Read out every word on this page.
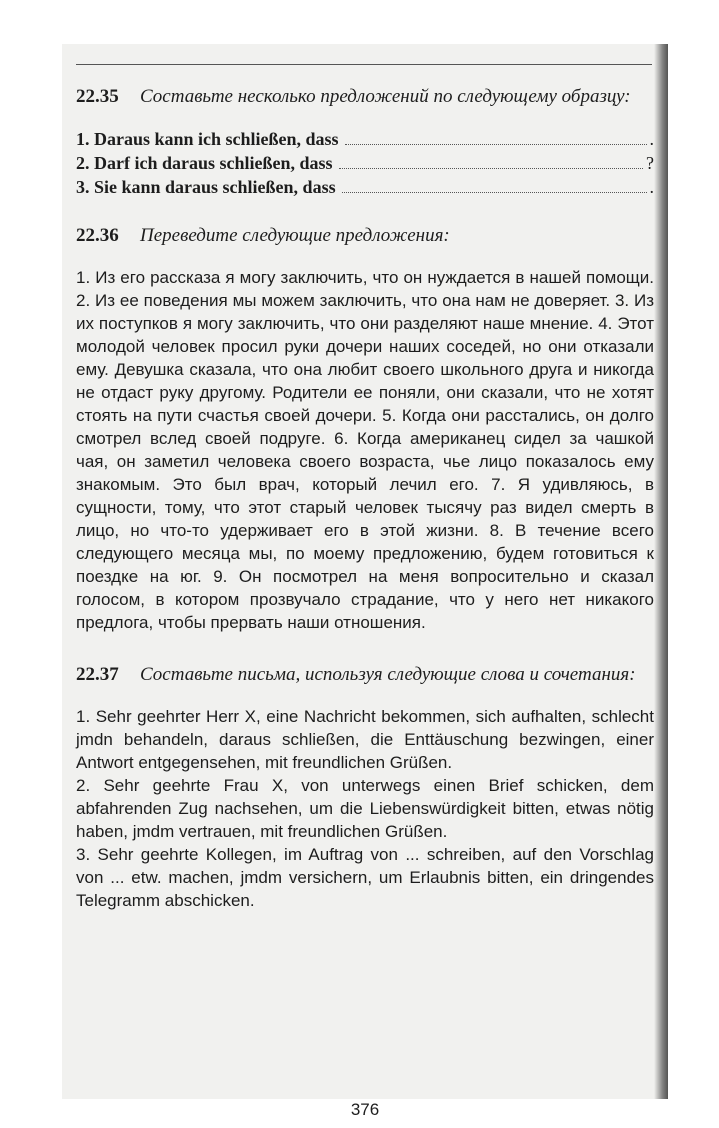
22.35 Составьте несколько предложений по следующему образцу:

1. Daraus kann ich schließen, dass	.
2. Darf ich daraus schließen, dass	?
3. Sie kann daraus schließen, dass	.

22.36 Переведите следующие предложения:

1. Из его рассказа я могу заключить, что он нуждается в нашей помощи. 2. Из ее поведения мы можем заключить, что она нам не доверяет. 3. Из их поступков я могу заключить, что они разделяют наше мнение. 4. Этот молодой человек просил руки дочери наших соседей, но они отказали ему. Девушка сказала, что она любит своего школьного друга и никогда не отдаст руку другому. Родители ее поняли, они сказали, что не хотят стоять на пути счастья своей дочери. 5. Когда они расстались, он долго смотрел вслед своей подруге. 6. Когда американец сидел за чашкой чая, он заметил человека своего возраста, чье лицо показалось ему знакомым. Это был врач, который лечил его. 7. Я удивляюсь, в сущности, тому, что этот старый человек тысячу раз видел смерть в лицо, но что-то удерживает его в этой жизни. 8. В течение всего следующего месяца мы, по моему предложению, будем готовиться к поездке на юг. 9. Он посмотрел на меня вопросительно и сказал голосом, в котором прозвучало страдание, что у него нет никакого предлога, чтобы прервать наши отношения.

22.37 Составьте письма, используя следующие слова и сочетания:

1. Sehr geehrter Herr X, eine Nachricht bekommen, sich aufhalten, schlecht jmdn behandeln, daraus schließen, die Enttäuschung bezwingen, einer Antwort entgegensehen, mit freundlichen Grüßen.

2. Sehr geehrte Frau X, von unterwegs einen Brief schicken, dem abfahrenden Zug nachsehen, um die Liebenswürdigkeit bitten, etwas nötig haben, jmdm vertrauen, mit freundlichen Grüßen.

3. Sehr geehrte Kollegen, im Auftrag von ... schreiben, auf den Vorschlag von ... etw. machen, jmdm versichern, um Erlaubnis bitten, ein dringendes Telegramm abschicken.

376
